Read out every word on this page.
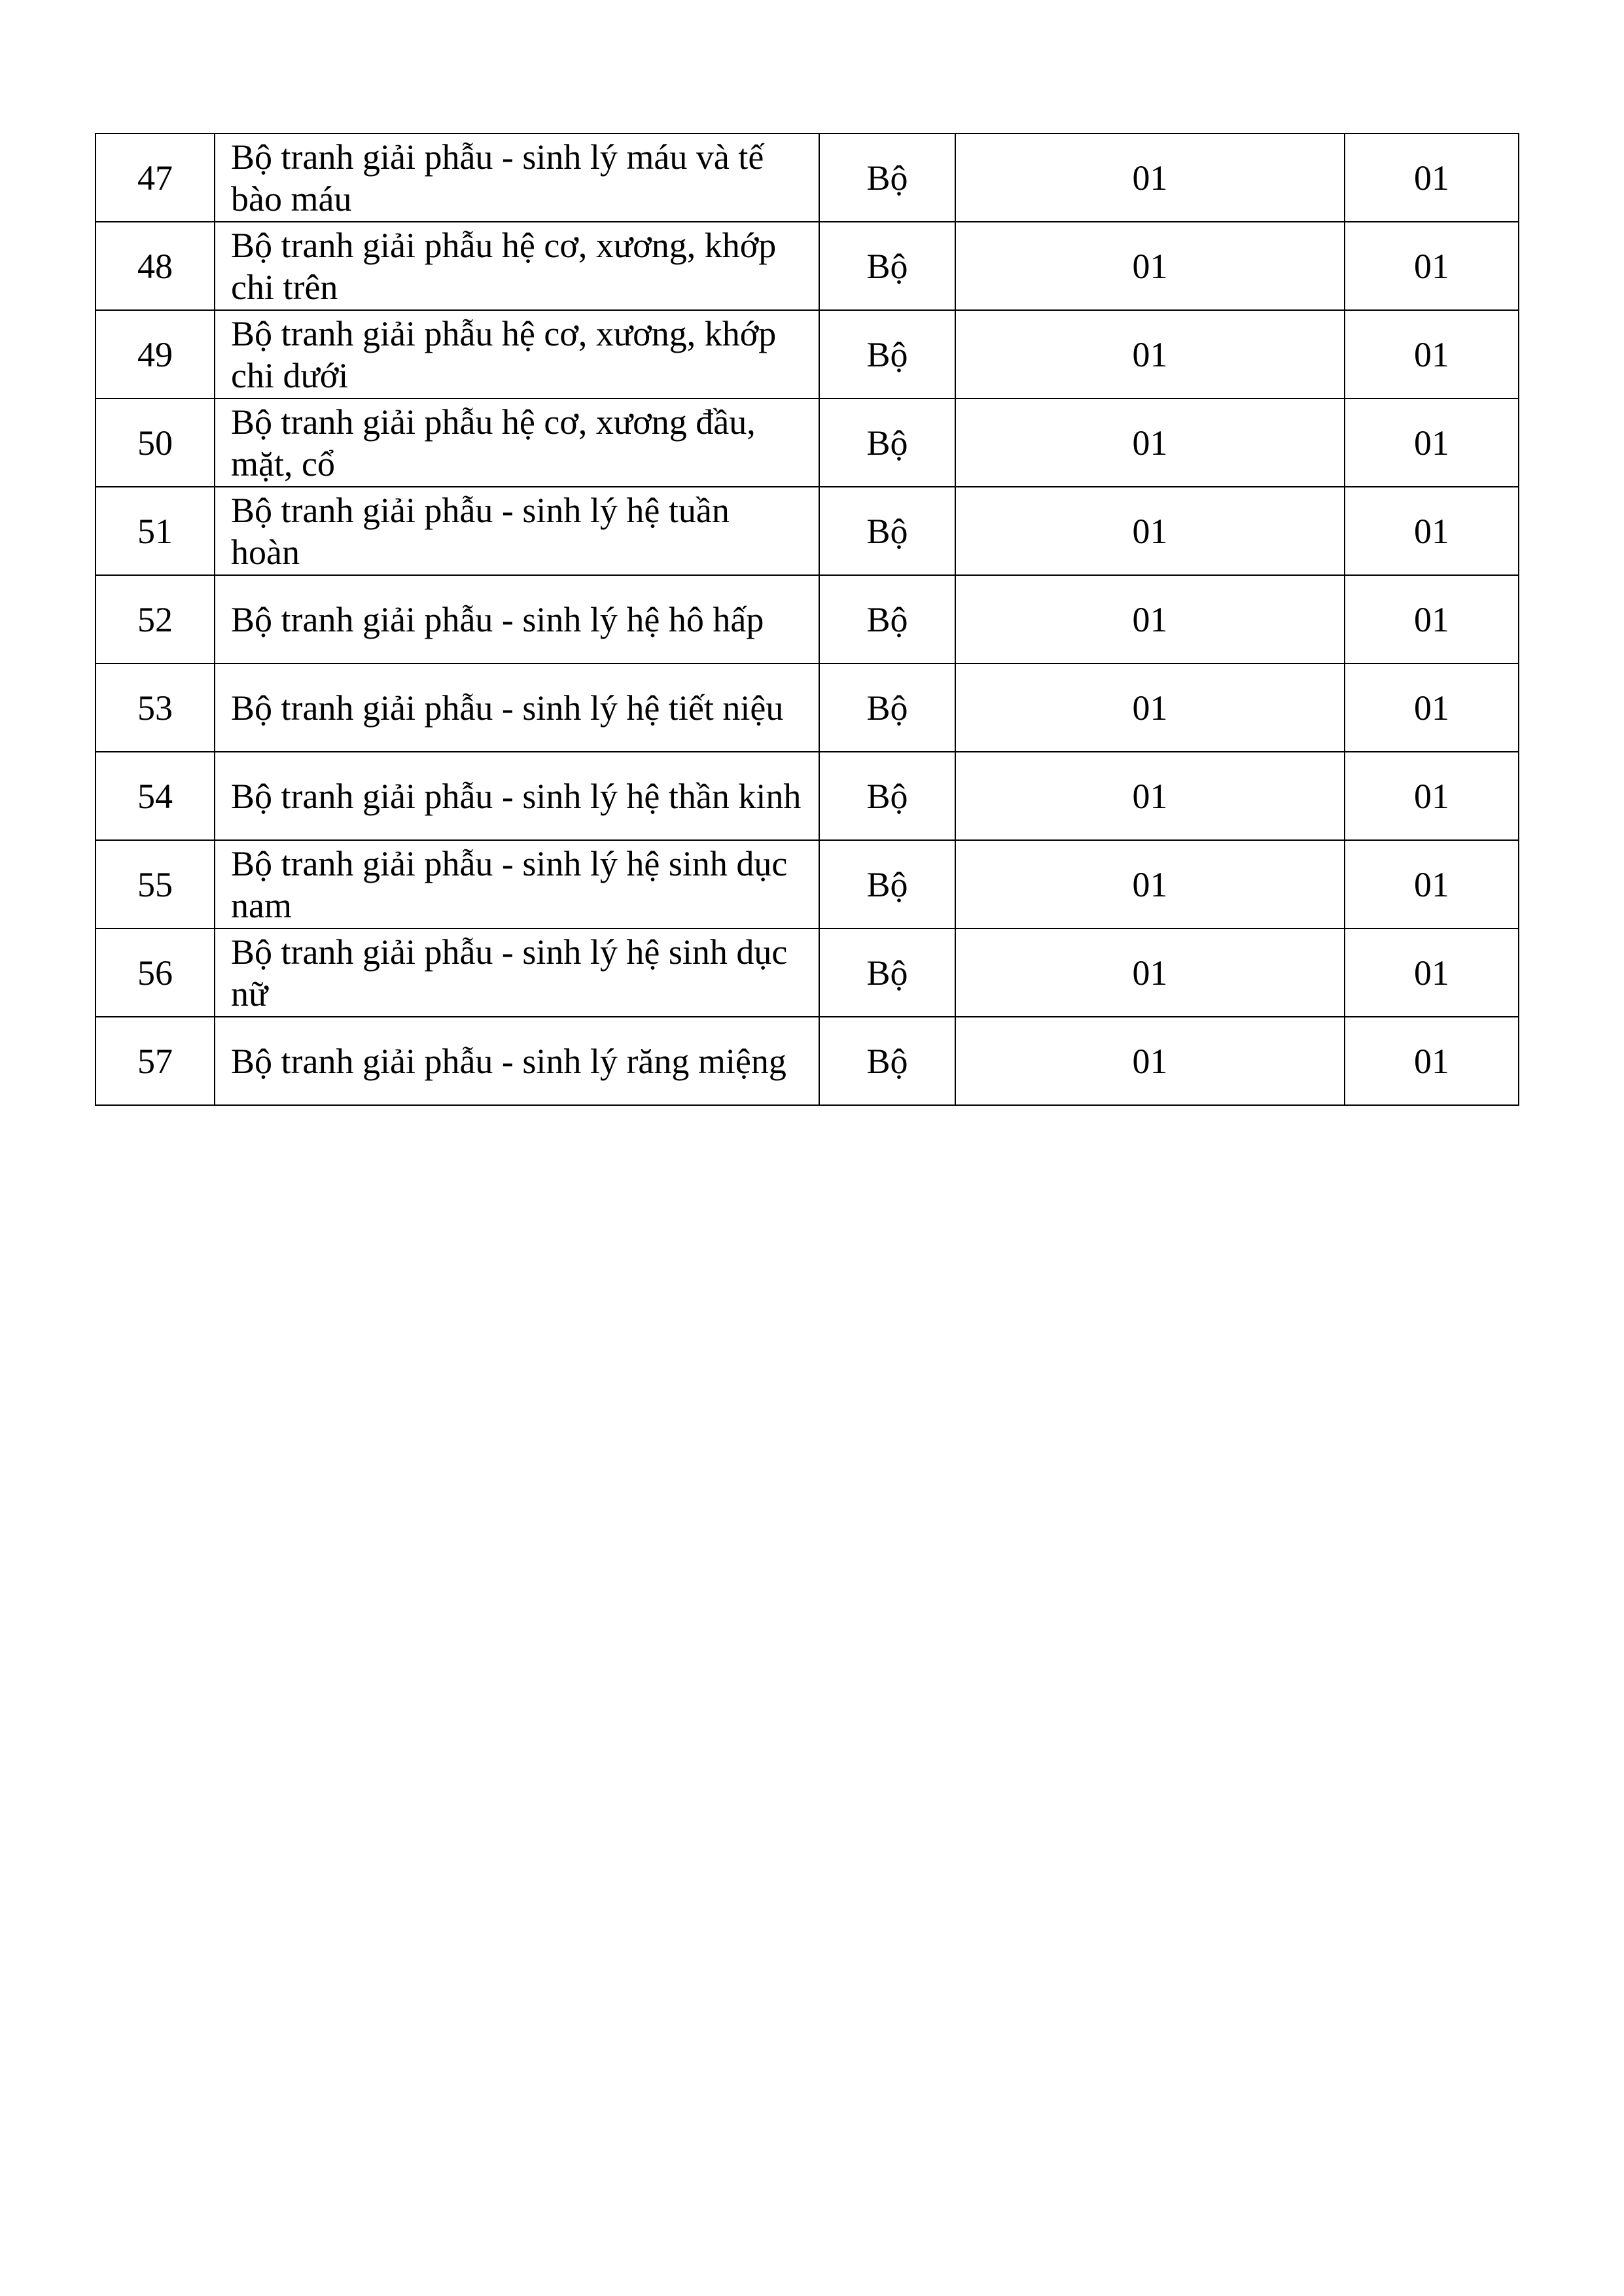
47	Bộ tranh giải phẫu - sinh lý máu và tế bào máu	Bộ	01	01
48	Bộ tranh giải phẫu hệ cơ, xương, khớp chi trên	Bộ	01	01
49	Bộ tranh giải phẫu hệ cơ, xương, khớp chi dưới	Bộ	01	01
50	Bộ tranh giải phẫu hệ cơ, xương đầu, mặt, cổ	Bộ	01	01
51	Bộ tranh giải phẫu - sinh lý hệ tuần hoàn	Bộ	01	01
52	Bộ tranh giải phẫu - sinh lý hệ hô hấp	Bộ	01	01
53	Bộ tranh giải phẫu - sinh lý hệ tiết niệu	Bộ	01	01
54	Bộ tranh giải phẫu - sinh lý hệ thần kinh	Bộ	01	01
55	Bộ tranh giải phẫu - sinh lý hệ sinh dục nam	Bộ	01	01
56	Bộ tranh giải phẫu - sinh lý hệ sinh dục nữ	Bộ	01	01
57	Bộ tranh giải phẫu - sinh lý răng miệng	Bộ	01	01
